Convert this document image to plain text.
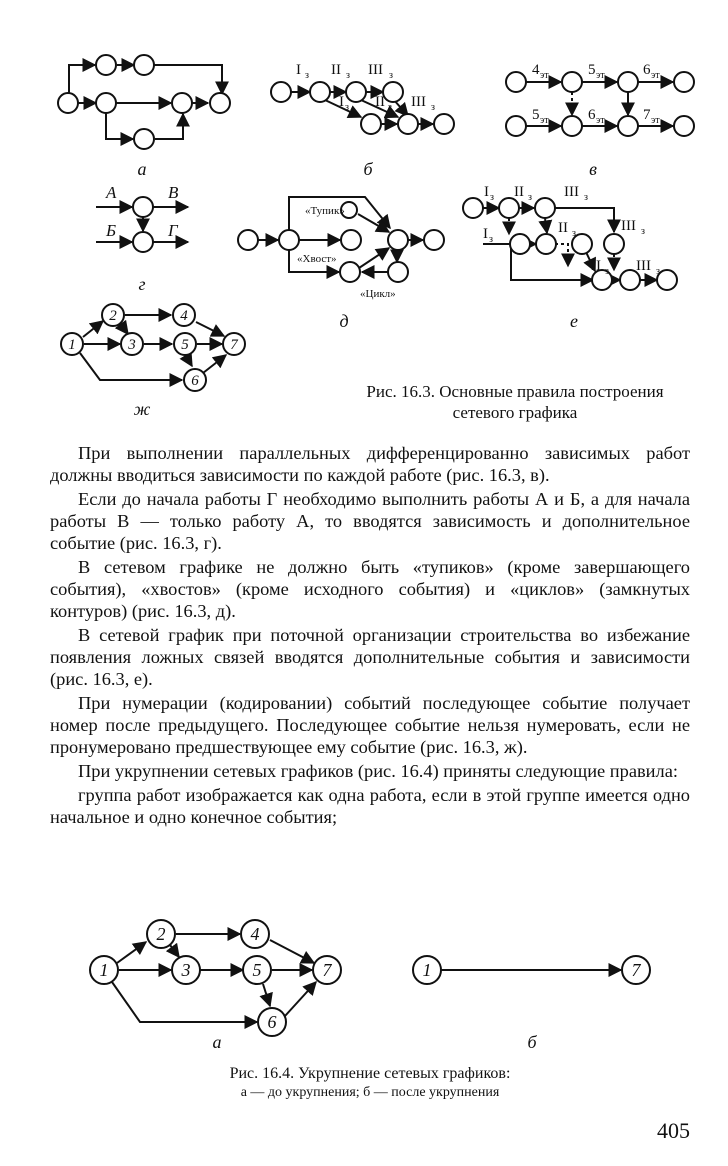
I з II з III з
I з II з III з
4 эт	5 эт	6 эт
5 эт	6 эт	7 эт
А	В
Б	Г
«Тупик»
«Хвост»
«Цикл»
I з II з III з
I з
II з	III з
II з III з
1
2
3
4
5
6
7
1
2
3
4
5
6
7	1	7
а	б	в
г
д	е
ж
а	б
Рис. 16.3. Основные правила построения
сетевого графика

При выполнении параллельных дифференцированно зависимых работ должны вводиться зависимости по каждой работе (рис. 16.3, в).

Если до начала работы Г необходимо выполнить работы А и Б, а для начала работы В — только работу А, то вводятся зависимость и дополнительное событие (рис. 16.3, г).

В сетевом графике не должно быть «тупиков» (кроме завершающего события), «хвостов» (кроме исходного события) и «циклов» (замкнутых контуров) (рис. 16.3, д).

В сетевой график при поточной организации строительства во избежание появления ложных связей вводятся дополнительные события и зависимости (рис. 16.3, е).

При нумерации (кодировании) событий последующее событие получает номер после предыдущего. Последующее событие нельзя нумеровать, если не пронумеровано предшествующее ему событие (рис. 16.3, ж).

При укрупнении сетевых графиков (рис. 16.4) приняты следующие правила:

группа работ изображается как одна работа, если в этой группе имеется одно начальное и одно конечное события;

Рис. 16.4. Укрупнение сетевых графиков:
а — до укрупнения; б — после укрупнения
405
